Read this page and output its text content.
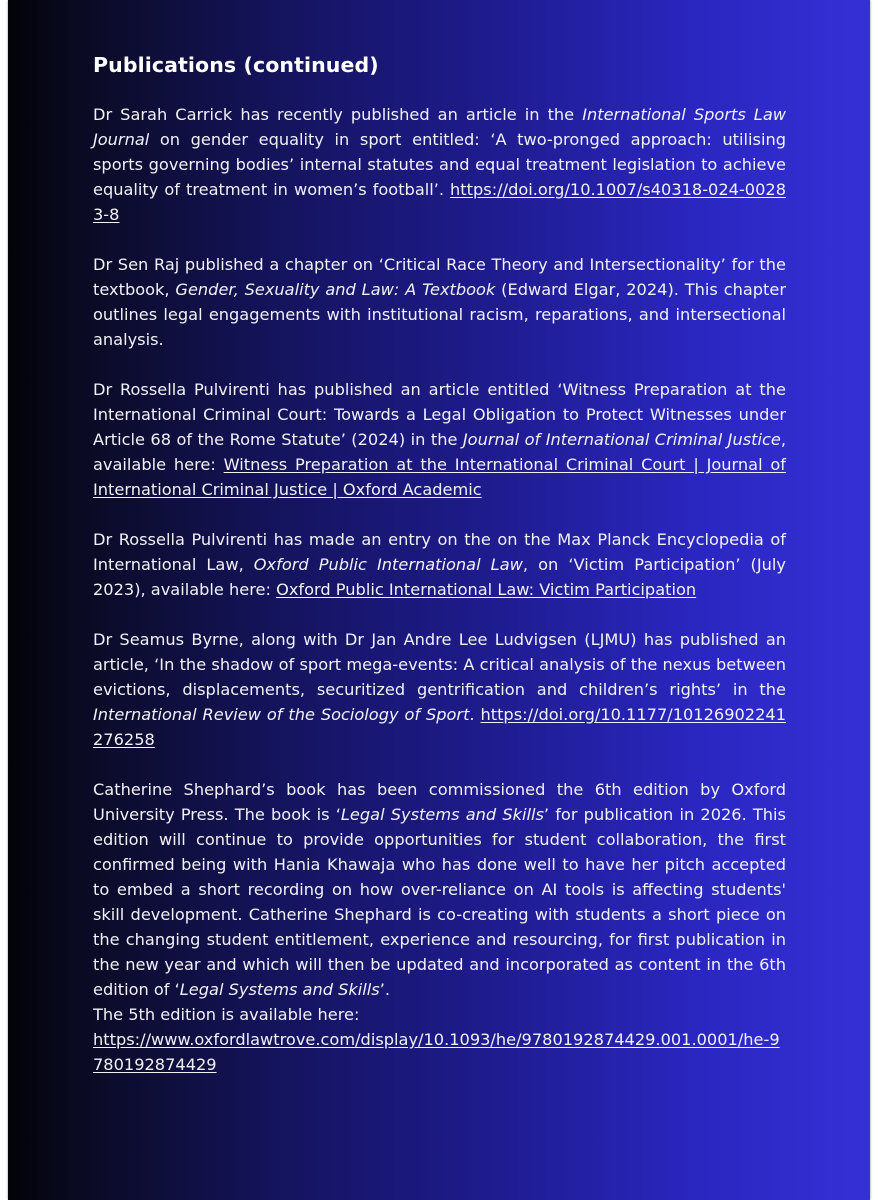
Publications (continued)

Dr Sarah Carrick has recently published an article in the International Sports Law Journal on gender equality in sport entitled: ‘A two-pronged approach: utilising sports governing bodies’ internal statutes and equal treatment legislation to achieve equality of treatment in women’s football’. https://doi.org/10.1007/s40318-024-00283-8

Dr Sen Raj published a chapter on ‘Critical Race Theory and Intersectionality’ for the textbook, Gender, Sexuality and Law: A Textbook (Edward Elgar, 2024). This chapter outlines legal engagements with institutional racism, reparations, and intersectional analysis.

Dr Rossella Pulvirenti has published an article entitled ‘Witness Preparation at the International Criminal Court: Towards a Legal Obligation to Protect Witnesses under Article 68 of the Rome Statute’ (2024) in the Journal of International Criminal Justice, available here: Witness Preparation at the International Criminal Court | Journal of International Criminal Justice | Oxford Academic

Dr Rossella Pulvirenti has made an entry on the on the Max Planck Encyclopedia of International Law, Oxford Public International Law, on ‘Victim Participation’ (July 2023), available here: Oxford Public International Law: Victim Participation

Dr Seamus Byrne, along with Dr Jan Andre Lee Ludvigsen (LJMU) has published an article, ‘In the shadow of sport mega-events: A critical analysis of the nexus between evictions, displacements, securitized gentrification and children’s rights’ in the International Review of the Sociology of Sport. https://doi.org/10.1177/10126902241276258

Catherine Shephard’s book has been commissioned the 6th edition by Oxford University Press. The book is ‘Legal Systems and Skills’ for publication in 2026. This edition will continue to provide opportunities for student collaboration, the first confirmed being with Hania Khawaja who has done well to have her pitch accepted to embed a short recording on how over-reliance on AI tools is affecting students' skill development. Catherine Shephard is co-creating with students a short piece on the changing student entitlement, experience and resourcing, for first publication in the new year and which will then be updated and incorporated as content in the 6th edition of ‘Legal Systems and Skills’.
The 5th edition is available here:
https://www.oxfordlawtrove.com/display/10.1093/he/9780192874429.001.0001/he-9780192874429
